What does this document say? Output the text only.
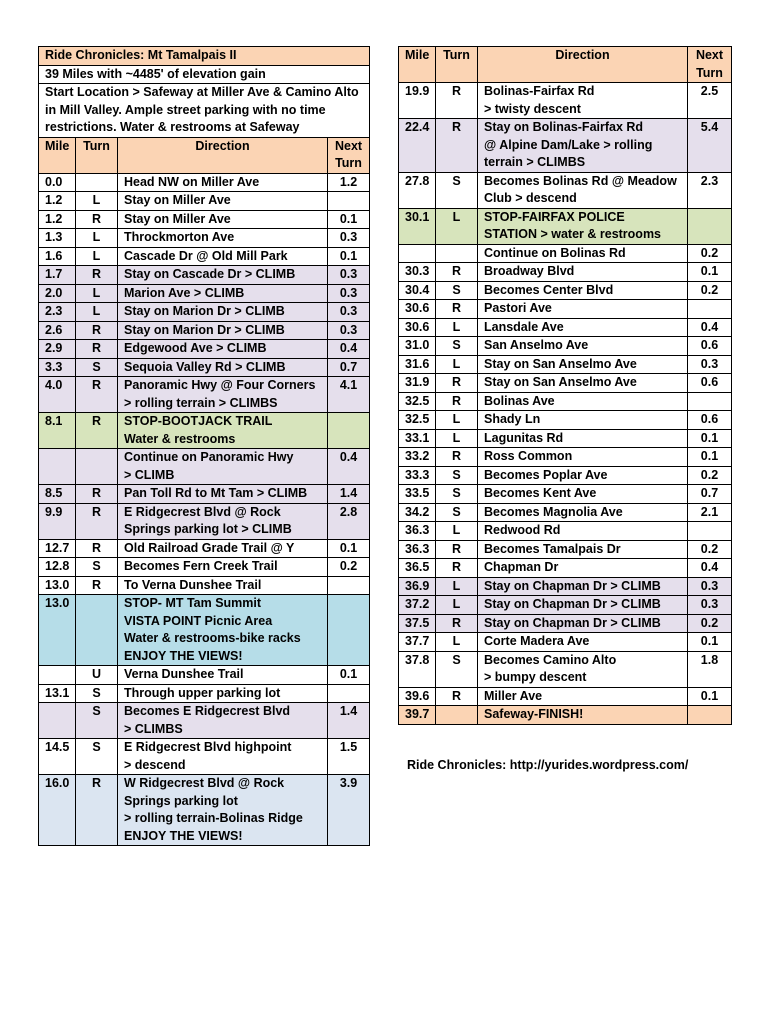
Ride Chronicles: Mt Tamalpais II			
39 Miles with ~4485' of elevation gain			
Start Location > Safeway at Miller Ave & Camino Alto in Mill Valley. Ample street parking with no time restrictions. Water & restrooms at Safeway			
Mile	Turn	Direction	Next Turn
0.0		Head NW on Miller Ave	1.2
1.2	L	Stay on Miller Ave	

1.2	R	Stay on Miller Ave	0.1
1.3	L	Throckmorton Ave	0.3
1.6	L	Cascade Dr @ Old Mill Park	0.1
1.7	R	Stay on Cascade Dr > CLIMB	0.3
2.0	L	Marion Ave > CLIMB	0.3
2.3	L	Stay on Marion Dr > CLIMB	0.3
2.6	R	Stay on Marion Dr > CLIMB	0.3
2.9	R	Edgewood Ave > CLIMB	0.4
3.3	S	Sequoia Valley Rd > CLIMB	0.7
4.0	R	Panoramic Hwy @ Four Corners
> rolling terrain > CLIMBS	4.1
8.1	R	STOP-BOOTJACK TRAIL
Water & restrooms	

		Continue on Panoramic Hwy
> CLIMB	0.4
8.5	R	Pan Toll Rd to Mt Tam > CLIMB	1.4
9.9	R	E Ridgecrest Blvd @ Rock
Springs parking lot > CLIMB	2.8
12.7	R	Old Railroad Grade Trail @ Y	0.1
12.8	S	Becomes Fern Creek Trail	0.2
13.0	R	To Verna Dunshee Trail	

13.0		STOP- MT Tam Summit
VISTA POINT Picnic Area
Water & restrooms-bike racks
ENJOY THE VIEWS!	

	U	Verna Dunshee Trail	0.1
13.1	S	Through upper parking lot	

	S	Becomes E Ridgecrest Blvd
> CLIMBS	1.4
14.5	S	E Ridgecrest Blvd highpoint
> descend	1.5
16.0	R	W Ridgecrest Blvd @ Rock
Springs parking lot
> rolling terrain-Bolinas Ridge
ENJOY THE VIEWS!	3.9
Mile	Turn	Direction	Next Turn
19.9	R	Bolinas-Fairfax Rd
> twisty descent	2.5
22.4	R	Stay on Bolinas-Fairfax Rd
@ Alpine Dam/Lake > rolling
terrain > CLIMBS	5.4
27.8	S	Becomes Bolinas Rd @ Meadow
Club > descend	2.3
30.1	L	STOP-FAIRFAX POLICE
STATION > water & restrooms	

		Continue on Bolinas Rd	0.2
30.3	R	Broadway Blvd	0.1
30.4	S	Becomes Center Blvd	0.2
30.6	R	Pastori Ave	

30.6	L	Lansdale Ave	0.4
31.0	S	San Anselmo Ave	0.6
31.6	L	Stay on San Anselmo Ave	0.3
31.9	R	Stay on San Anselmo Ave	0.6
32.5	R	Bolinas Ave	

32.5	L	Shady Ln	0.6
33.1	L	Lagunitas Rd	0.1
33.2	R	Ross Common	0.1
33.3	S	Becomes Poplar Ave	0.2
33.5	S	Becomes Kent Ave	0.7
34.2	S	Becomes Magnolia Ave	2.1
36.3	L	Redwood Rd	

36.3	R	Becomes Tamalpais Dr	0.2
36.5	R	Chapman Dr	0.4
36.9	L	Stay on Chapman Dr > CLIMB	0.3
37.2	L	Stay on Chapman Dr > CLIMB	0.3
37.5	R	Stay on Chapman Dr > CLIMB	0.2
37.7	L	Corte Madera Ave	0.1
37.8	S	Becomes Camino Alto
> bumpy descent	1.8
39.6	R	Miller Ave	0.1
39.7		Safeway-FINISH!	

Ride Chronicles: http://yurides.wordpress.com/
